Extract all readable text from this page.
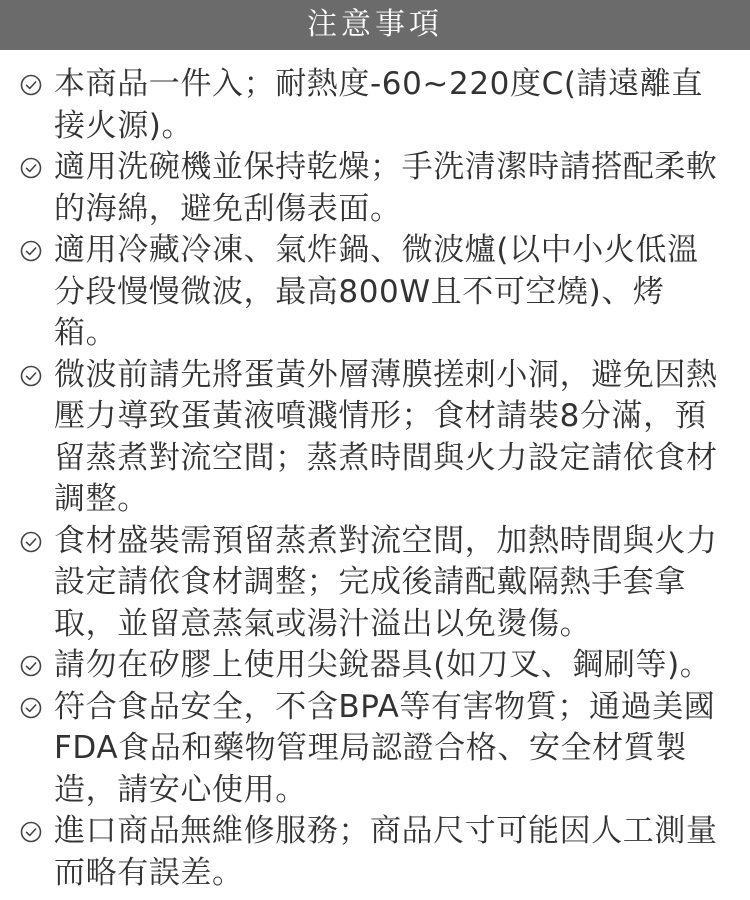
注意事項
本商品一件入；耐熱度-60~220度C(請遠離直接火源)。
適用洗碗機並保持乾燥；手洗清潔時請搭配柔軟的海綿，避免刮傷表面。
適用冷藏冷凍、氣炸鍋、微波爐(以中小火低溫分段慢慢微波，最高800W且不可空燒)、烤箱。
微波前請先將蛋黃外層薄膜搓刺小洞，避免因熱壓力導致蛋黃液噴濺情形；食材請裝8分滿，預留蒸煮對流空間；蒸煮時間與火力設定請依食材調整。
食材盛裝需預留蒸煮對流空間，加熱時間與火力設定請依食材調整；完成後請配戴隔熱手套拿取，並留意蒸氣或湯汁溢出以免燙傷。
請勿在矽膠上使用尖銳器具(如刀叉、鋼刷等)。
符合食品安全，不含BPA等有害物質；通過美國 FDA食品和藥物管理局認證合格、安全材質製造，請安心使用。
進口商品無維修服務；商品尺寸可能因人工測量而略有誤差。
